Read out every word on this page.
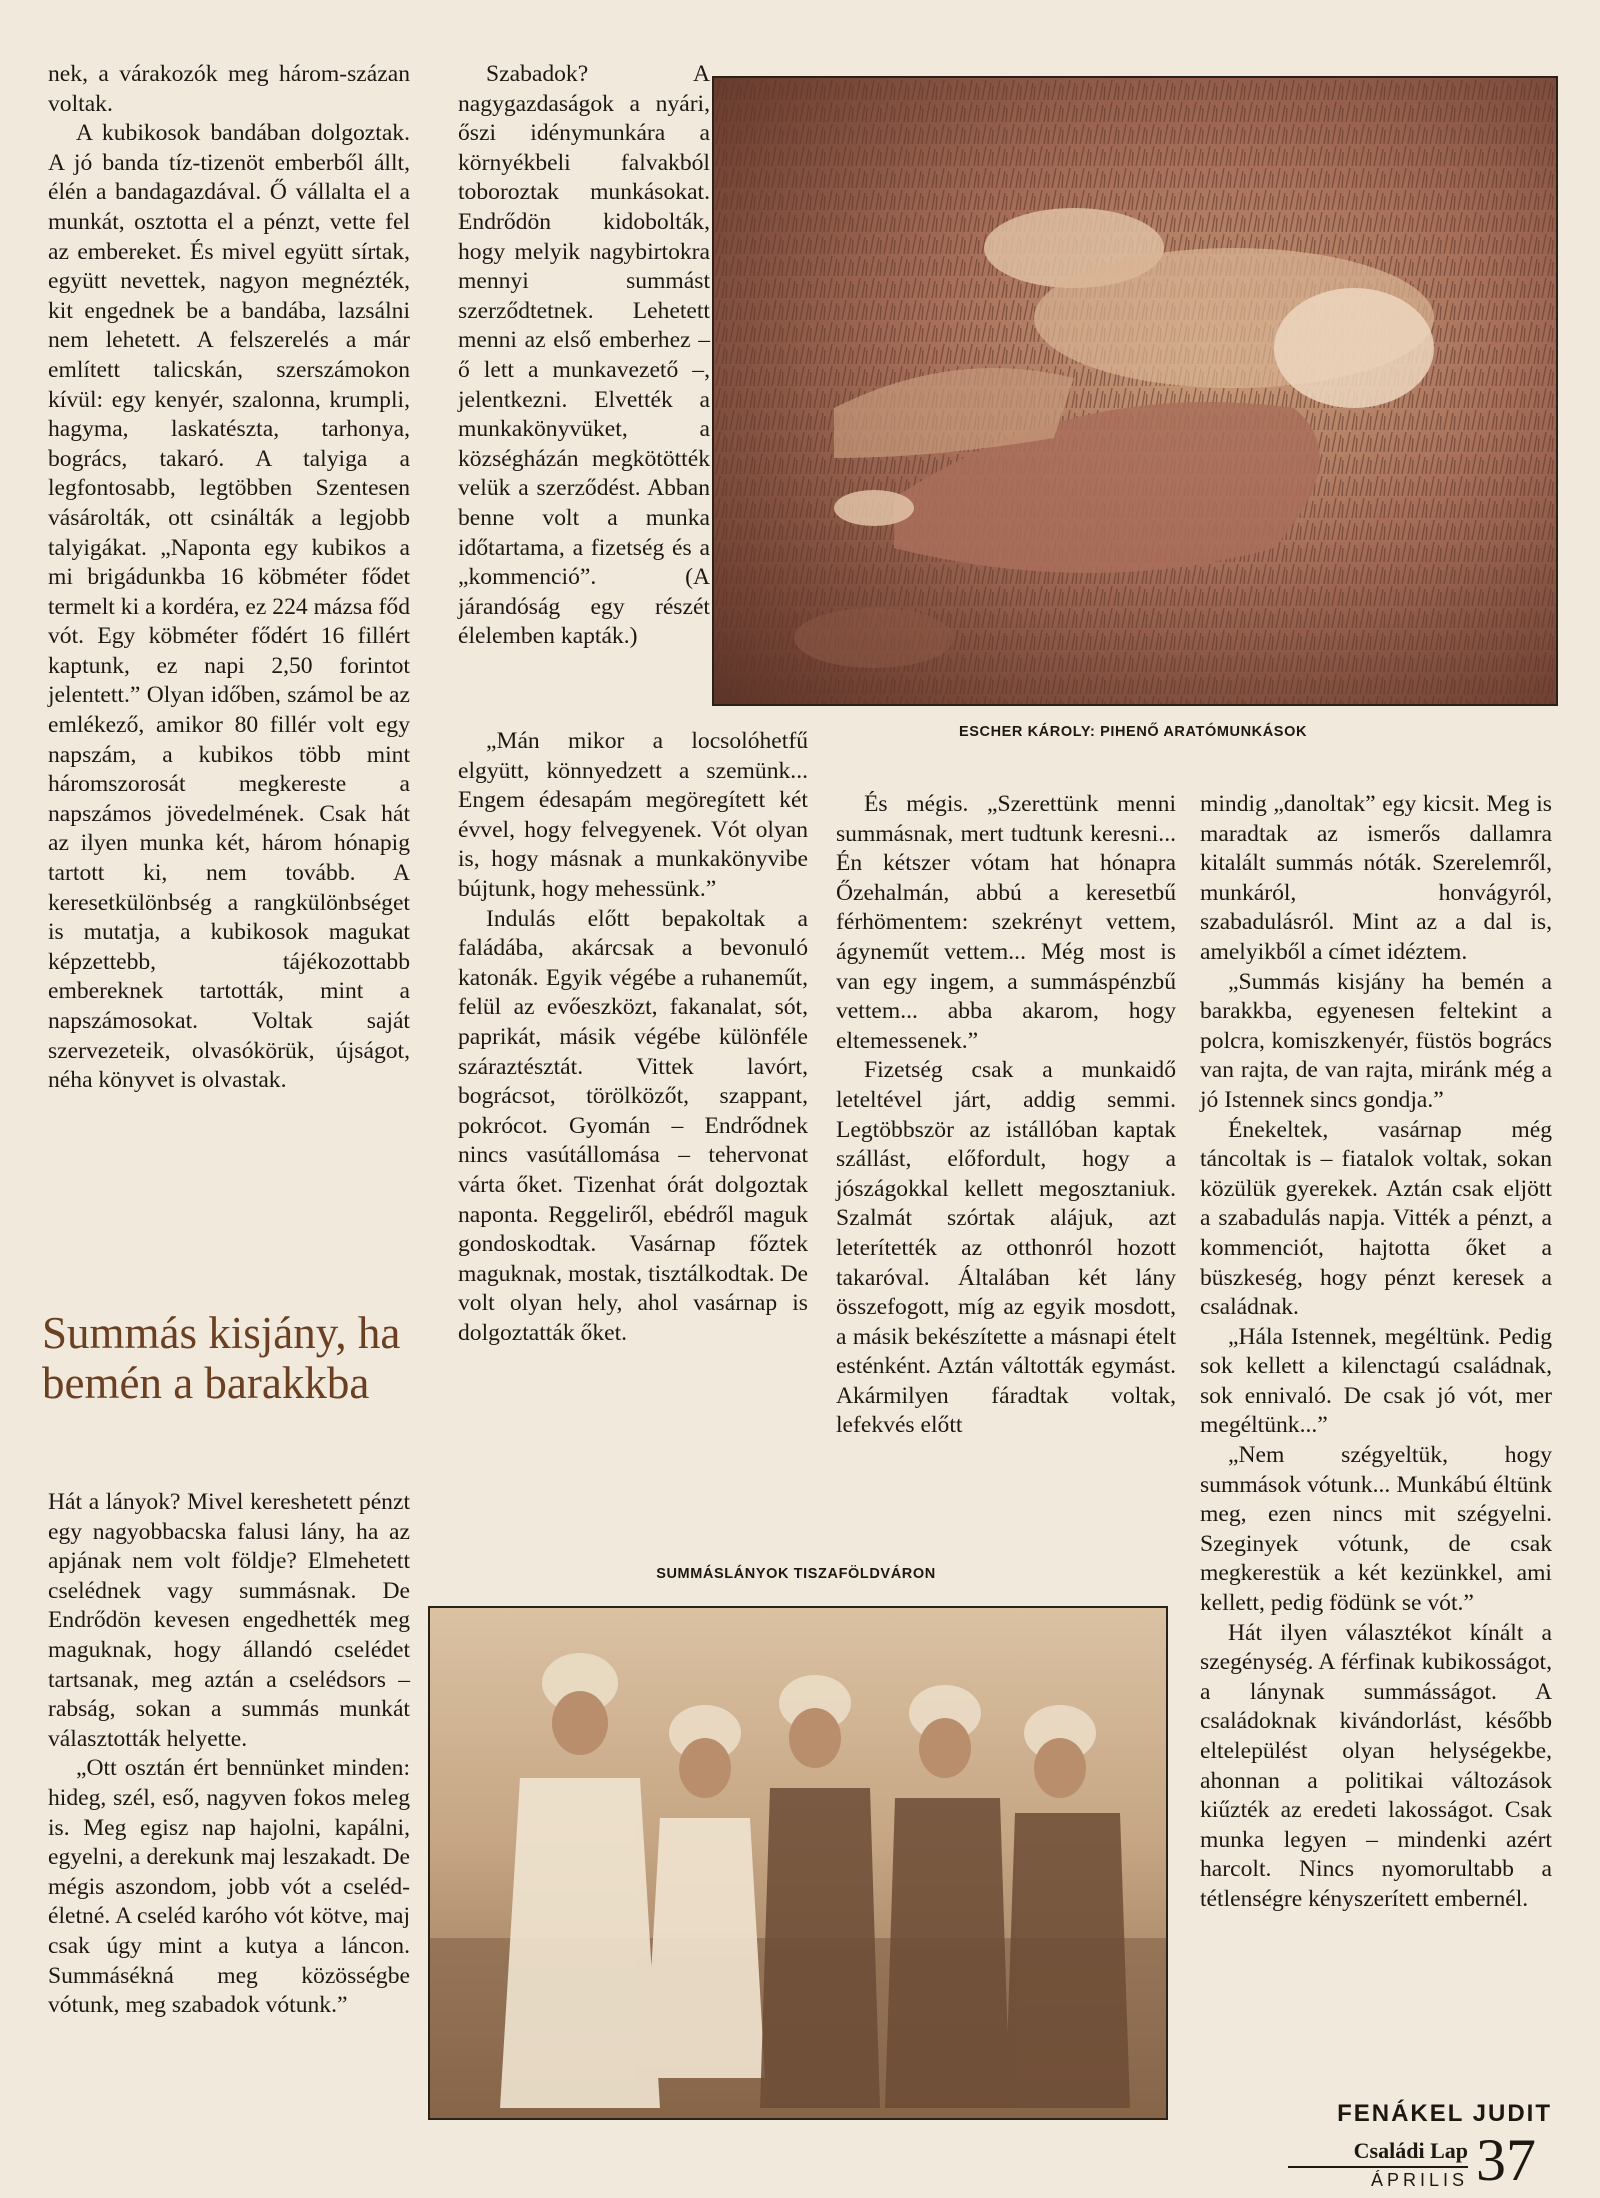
nek, a várakozók meg három-százan voltak.

A kubikosok bandában dolgoztak. A jó banda tíz-tizenöt emberből állt, élén a bandagazdával. Ő vállalta el a munkát, osztotta el a pénzt, vette fel az embereket. És mivel együtt sírtak, együtt nevettek, nagyon megnézték, kit engednek be a bandába, lazsálni nem lehetett. A felszerelés a már említett talicskán, szerszámokon kívül: egy kenyér, szalonna, krumpli, hagyma, laskatészta, tarhonya, bogrács, takaró. A talyiga a legfontosabb, legtöbben Szentesen vásárolták, ott csinálták a legjobb talyigákat. „Naponta egy kubikos a mi brigádunkba 16 köbméter fődet termelt ki a kordéra, ez 224 mázsa főd vót. Egy köbméter fődért 16 fillért kaptunk, ez napi 2,50 forintot jelentett.” Olyan időben, számol be az emlékező, amikor 80 fillér volt egy napszám, a kubikos több mint háromszorosát megkereste a napszámos jövedelmének. Csak hát az ilyen munka két, három hónapig tartott ki, nem tovább. A keresetkülönbség a rangkülönbséget is mutatja, a kubikosok magukat képzettebb, tájékozottabb embereknek tartották, mint a napszámosokat. Voltak saját szervezeteik, olvasókörük, újságot, néha könyvet is olvastak.

Summás kisjány, ha bemén a barakkba

Hát a lányok? Mivel kereshetett pénzt egy nagyobbacska falusi lány, ha az apjának nem volt földje? Elmehetett cselédnek vagy summásnak. De Endrődön kevesen engedhették meg maguknak, hogy állandó cselédet tartsanak, meg aztán a cselédsors – rabság, sokan a summás munkát választották helyette.

„Ott osztán ért bennünket minden: hideg, szél, eső, nagyven fokos meleg is. Meg egisz nap hajolni, kapálni, egyelni, a derekunk maj leszakadt. De mégis aszondom, jobb vót a cseléd-életné. A cseléd karóho vót kötve, maj csak úgy mint a kutya a láncon. Summásékná meg közösségbe vótunk, meg szabadok vótunk.”

Szabadok? A nagygazdaságok a nyári, őszi idénymunkára a környékbeli falvakból toboroztak munkásokat. Endrődön kidobolták, hogy melyik nagybirtokra mennyi summást szerződtetnek. Lehetett menni az első emberhez – ő lett a munkavezető –, jelentkezni. Elvették a munkakönyvüket, a községházán megkötötték velük a szerződést. Abban benne volt a munka időtartama, a fizetség és a „kommenció”. (A járandóság egy részét élelemben kapták.)

„Mán mikor a locsolóhetfű elgyütt, könnyedzett a szemünk... Engem édesapám megöregített két évvel, hogy felvegyenek. Vót olyan is, hogy másnak a munkakönyvibe bújtunk, hogy mehessünk.”

Indulás előtt bepakoltak a faládába, akárcsak a bevonuló katonák. Egyik végébe a ruhaneműt, felül az evőeszközt, fakanalat, sót, paprikát, másik végébe különféle száraztésztát. Vittek lavórt, bográcsot, törölközőt, szappant, pokrócot. Gyomán – Endrődnek nincs vasútállomása – tehervonat várta őket. Tizenhat órát dolgoztak naponta. Reggeliről, ebédről maguk gondoskodtak. Vasárnap főztek maguknak, mostak, tisztálkodtak. De volt olyan hely, ahol vasárnap is dolgoztatták őket.

És mégis. „Szerettünk menni summásnak, mert tudtunk keresni... Én kétszer vótam hat hónapra Őzehalmán, abbú a keresetbű férhömentem: szekrényt vettem, ágyneműt vettem... Még most is van egy ingem, a summáspénzbű vettem... abba akarom, hogy eltemessenek.”

Fizetség csak a munkaidő leteltével járt, addig semmi. Legtöbbször az istállóban kaptak szállást, előfordult, hogy a jószágokkal kellett megosztaniuk. Szalmát szórtak alájuk, azt leterítették az otthonról hozott takaróval. Általában két lány összefogott, míg az egyik mosdott, a másik bekészítette a másnapi ételt esténként. Aztán váltották egymást. Akármilyen fáradtak voltak, lefekvés előtt

mindig „danoltak” egy kicsit. Meg is maradtak az ismerős dallamra kitalált summás nóták. Szerelemről, munkáról, honvágyról, szabadulásról. Mint az a dal is, amelyikből a címet idéztem.

„Summás kisjány ha bemén a barakkba, egyenesen feltekint a polcra, komiszkenyér, füstös bogrács van rajta, de van rajta, miránk még a jó Istennek sincs gondja.”

Énekeltek, vasárnap még táncoltak is – fiatalok voltak, sokan közülük gyerekek. Aztán csak eljött a szabadulás napja. Vitték a pénzt, a kommenciót, hajtotta őket a büszkeség, hogy pénzt keresek a családnak.

„Hála Istennek, megéltünk. Pedig sok kellett a kilenctagú családnak, sok ennivaló. De csak jó vót, mer megéltünk...”

„Nem szégyeltük, hogy summások vótunk... Munkábú éltünk meg, ezen nincs mit szégyelni. Szeginyek vótunk, de csak megkerestük a két kezünkkel, ami kellett, pedig födünk se vót.”

Hát ilyen választékot kínált a szegénység. A férfinak kubikosságot, a lánynak summásságot. A családoknak kivándorlást, később eltelepülést olyan helységekbe, ahonnan a politikai változások kiűzték az eredeti lakosságot. Csak munka legyen – mindenki azért harcolt. Nincs nyomorultabb a tétlenségre kényszerített embernél.

ESCHER KÁROLY: PIHENŐ ARATÓMUNKÁSOK
SUMMÁSLÁNYOK TISZAFÖLDVÁRON
FENÁKEL JUDIT
Családi Lap
ÁPRILIS 37
